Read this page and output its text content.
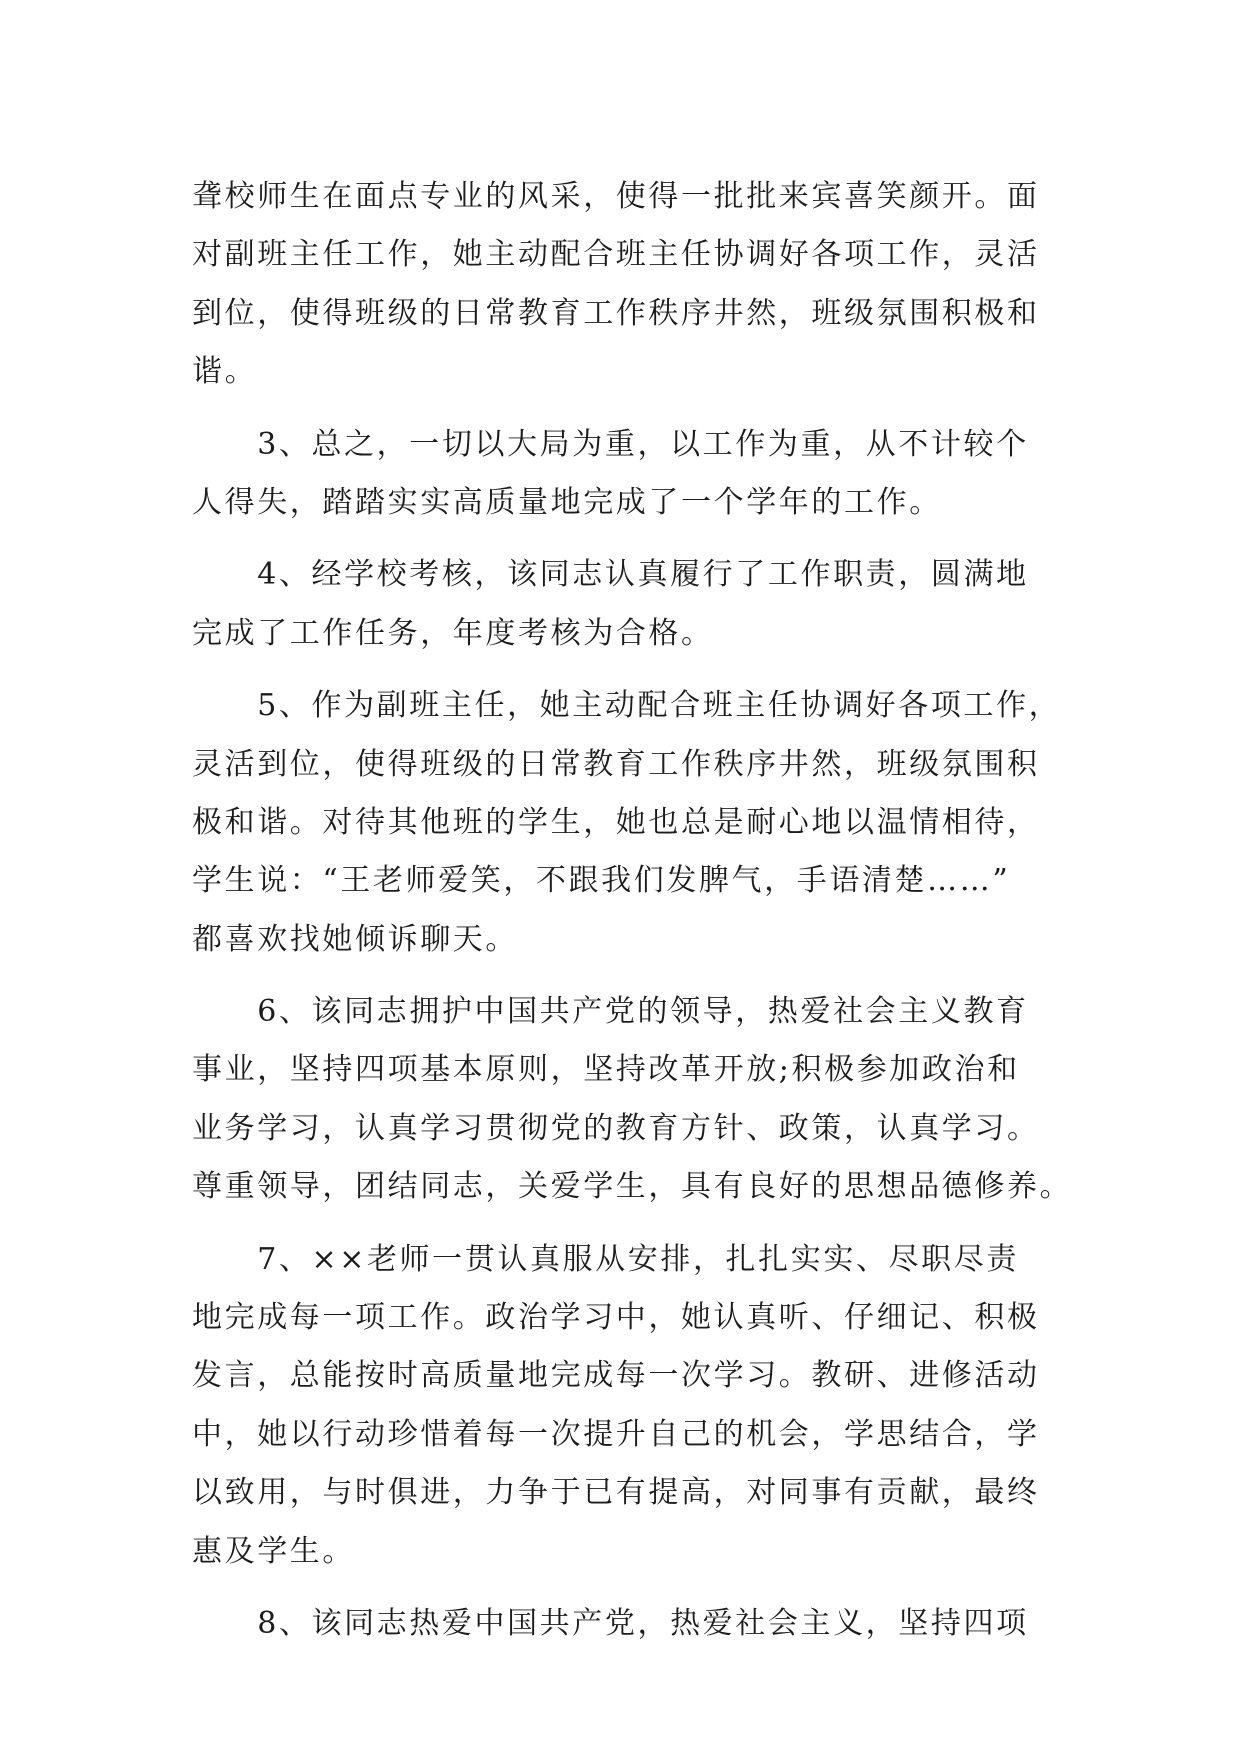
聋校师生在面点专业的风采，使得一批批来宾喜笑颜开。面
对副班主任工作，她主动配合班主任协调好各项工作，灵活
到位，使得班级的日常教育工作秩序井然，班级氛围积极和
谐。
　　3、总之，一切以大局为重，以工作为重，从不计较个
人得失，踏踏实实高质量地完成了一个学年的工作。
　　4、经学校考核，该同志认真履行了工作职责，圆满地
完成了工作任务，年度考核为合格。
　　5、作为副班主任，她主动配合班主任协调好各项工作，
灵活到位，使得班级的日常教育工作秩序井然，班级氛围积
极和谐。对待其他班的学生，她也总是耐心地以温情相待，
学生说：“王老师爱笑，不跟我们发脾气，手语清楚……”
都喜欢找她倾诉聊天。
　　6、该同志拥护中国共产党的领导，热爱社会主义教育
事业，坚持四项基本原则，坚持改革开放;积极参加政治和
业务学习，认真学习贯彻党的教育方针、政策，认真学习。
尊重领导，团结同志，关爱学生，具有良好的思想品德修养。
　　7、××老师一贯认真服从安排，扎扎实实、尽职尽责
地完成每一项工作。政治学习中，她认真听、仔细记、积极
发言，总能按时高质量地完成每一次学习。教研、进修活动
中，她以行动珍惜着每一次提升自己的机会，学思结合，学
以致用，与时俱进，力争于已有提高，对同事有贡献，最终
惠及学生。
　　8、该同志热爱中国共产党，热爱社会主义，坚持四项
